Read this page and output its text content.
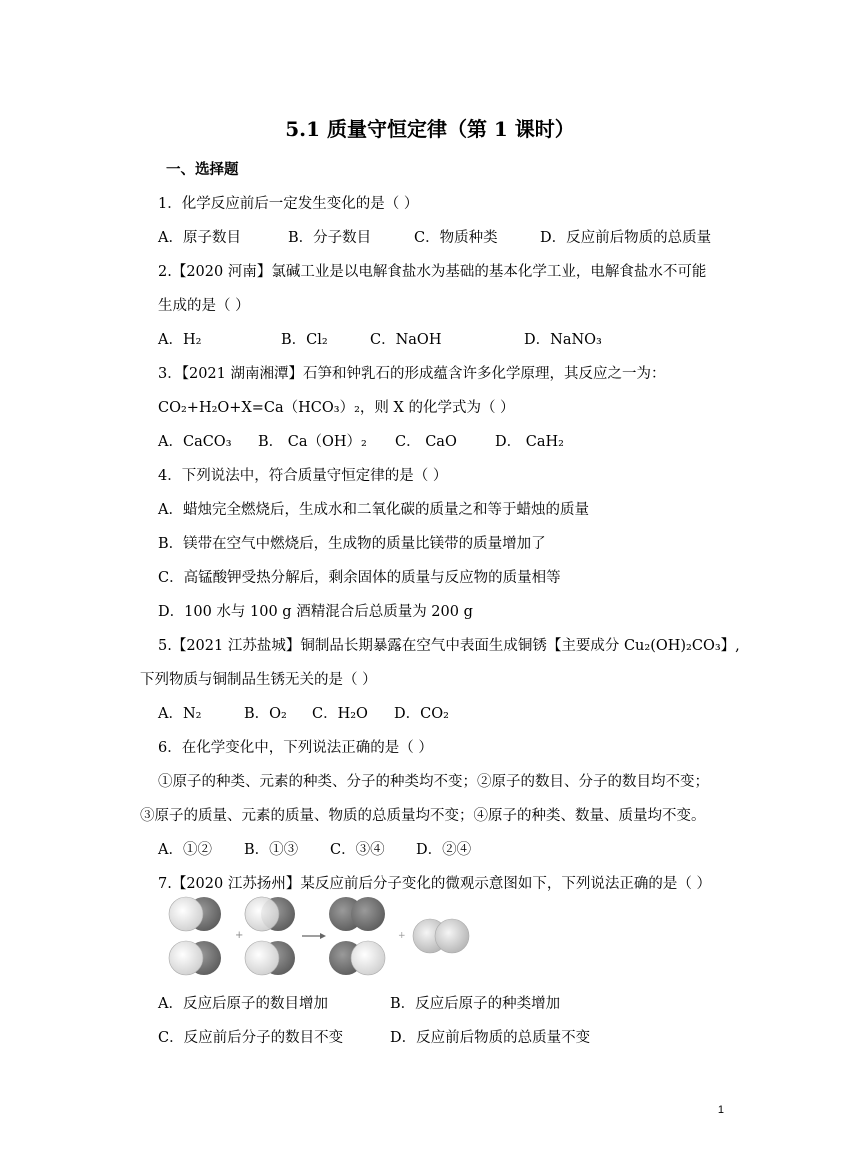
5.1 质量守恒定律（第 1 课时）
一、选择题
1．化学反应前后一定发生变化的是（ ）
A．原子数目	B．分子数目	C．物质种类	D．反应前后物质的总质量
2.【2020 河南】氯碱工业是以电解食盐水为基础的基本化学工业，电解食盐水不可能
生成的是（ ）
A．H₂	B．Cl₂	C．NaOH	D．NaNO₃
3．【2021 湖南湘潭】石笋和钟乳石的形成蕴含许多化学原理，其反应之一为：
CO₂+H₂O+X=Ca（HCO₃）₂，则 X 的化学式为（ ）
A．CaCO₃ B． Ca（OH）₂ C． CaO	D． CaH₂
4．下列说法中，符合质量守恒定律的是（ ）
A．蜡烛完全燃烧后，生成水和二氧化碳的质量之和等于蜡烛的质量
B．镁带在空气中燃烧后，生成物的质量比镁带的质量增加了
C．高锰酸钾受热分解后，剩余固体的质量与反应物的质量相等
D．100 水与 100 g 酒精混合后总质量为 200 g
5.【2021 江苏盐城】铜制品长期暴露在空气中表面生成铜锈【主要成分 Cu₂(OH)₂CO₃】,
下列物质与铜制品生锈无关的是（ ）
A．N₂	B．O₂ C．H₂O D．CO₂
6．在化学变化中，下列说法正确的是（ ）
①原子的种类、元素的种类、分子的种类均不变；②原子的数目、分子的数目均不变；
③原子的质量、元素的质量、物质的总质量均不变；④原子的种类、数量、质量均不变。
A．①② B．①③ C．③④ D．②④
7.【2020 江苏扬州】某反应前后分子变化的微观示意图如下，下列说法正确的是（ ）
+	+
A．反应后原子的数目增加	B．反应后原子的种类增加
C．反应前后分子的数目不变	D．反应前后物质的总质量不变
1
